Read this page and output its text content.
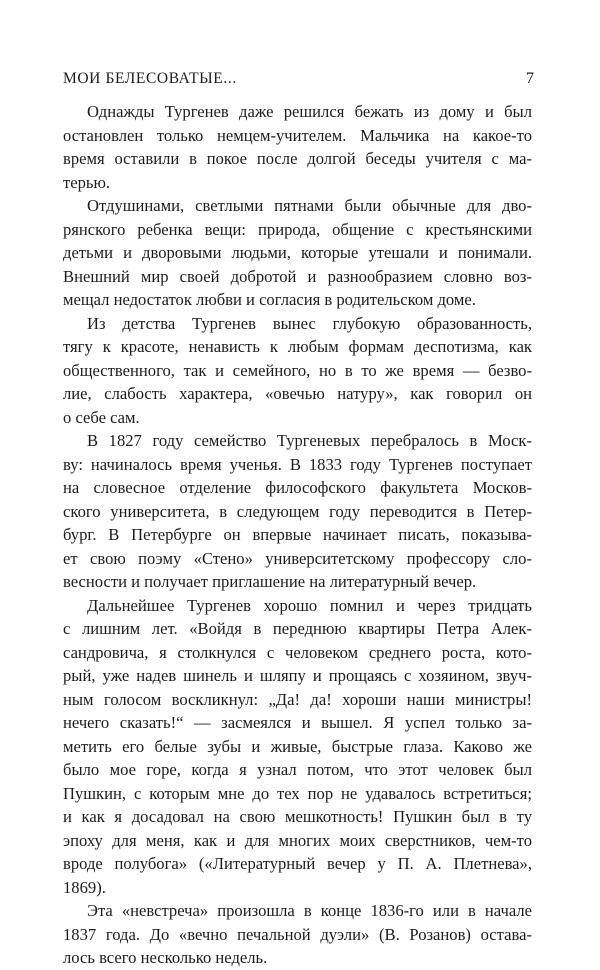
МОИ БЕЛЕСОВАТЫЕ...	7
Однажды Тургенев даже решился бежать из дому и был
остановлен только немцем-учителем. Мальчика на какое-то
время оставили в покое после долгой беседы учителя с ма-
терью.
Отдушинами, светлыми пятнами были обычные для дво-
рянского ребенка вещи: природа, общение с крестьянскими
детьми и дворовыми людьми, которые утешали и понимали.
Внешний мир своей добротой и разнообразием словно воз-
мещал недостаток любви и согласия в родительском доме.
Из детства Тургенев вынес глубокую образованность,
тягу к красоте, ненависть к любым формам деспотизма, как
общественного, так и семейного, но в то же время — безво-
лие, слабость характера, «овечью натуру», как говорил он
о себе сам.
В 1827 году семейство Тургеневых перебралось в Моск-
ву: начиналось время ученья. В 1833 году Тургенев поступает
на словесное отделение философского факультета Москов-
ского университета, в следующем году переводится в Петер-
бург. В Петербурге он впервые начинает писать, показыва-
ет свою поэму «Стено» университетскому профессору сло-
весности и получает приглашение на литературный вечер.
Дальнейшее Тургенев хорошо помнил и через тридцать
с лишним лет. «Войдя в переднюю квартиры Петра Алек-
сандровича, я столкнулся с человеком среднего роста, кото-
рый, уже надев шинель и шляпу и прощаясь с хозяином, звуч-
ным голосом воскликнул: „Да! да! хороши наши министры!
нечего сказать!“ — засмеялся и вышел. Я успел только за-
метить его белые зубы и живые, быстрые глаза. Каково же
было мое горе, когда я узнал потом, что этот человек был
Пушкин, с которым мне до тех пор не удавалось встретиться;
и как я досадовал на свою мешкотность! Пушкин был в ту
эпоху для меня, как и для многих моих сверстников, чем-то
вроде полубога» («Литературный вечер у П. А. Плетнева»,
1869).
Эта «невстреча» произошла в конце 1836-го или в начале
1837 года. До «вечно печальной дуэли» (В. Розанов) остава-
лось всего несколько недель.
